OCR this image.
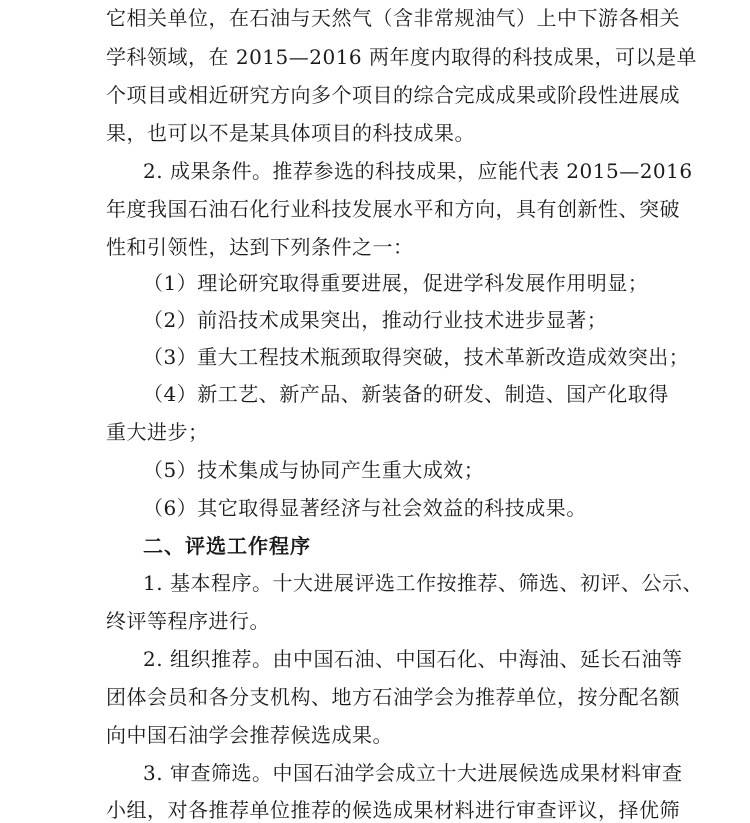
它相关单位，在石油与天然气（含非常规油气）上中下游各相关
学科领域，在 2015—2016 两年度内取得的科技成果，可以是单
个项目或相近研究方向多个项目的综合完成成果或阶段性进展成
果，也可以不是某具体项目的科技成果。
2. 成果条件。推荐参选的科技成果，应能代表 2015—2016
年度我国石油石化行业科技发展水平和方向，具有创新性、突破
性和引领性，达到下列条件之一：
（1）理论研究取得重要进展，促进学科发展作用明显；
（2）前沿技术成果突出，推动行业技术进步显著；
（3）重大工程技术瓶颈取得突破，技术革新改造成效突出；
（4）新工艺、新产品、新装备的研发、制造、国产化取得
重大进步；
（5）技术集成与协同产生重大成效；
（6）其它取得显著经济与社会效益的科技成果。
二、评选工作程序
1. 基本程序。十大进展评选工作按推荐、筛选、初评、公示、
终评等程序进行。
2. 组织推荐。由中国石油、中国石化、中海油、延长石油等
团体会员和各分支机构、地方石油学会为推荐单位，按分配名额
向中国石油学会推荐候选成果。
3. 审查筛选。中国石油学会成立十大进展候选成果材料审查
小组，对各推荐单位推荐的候选成果材料进行审查评议，择优筛
